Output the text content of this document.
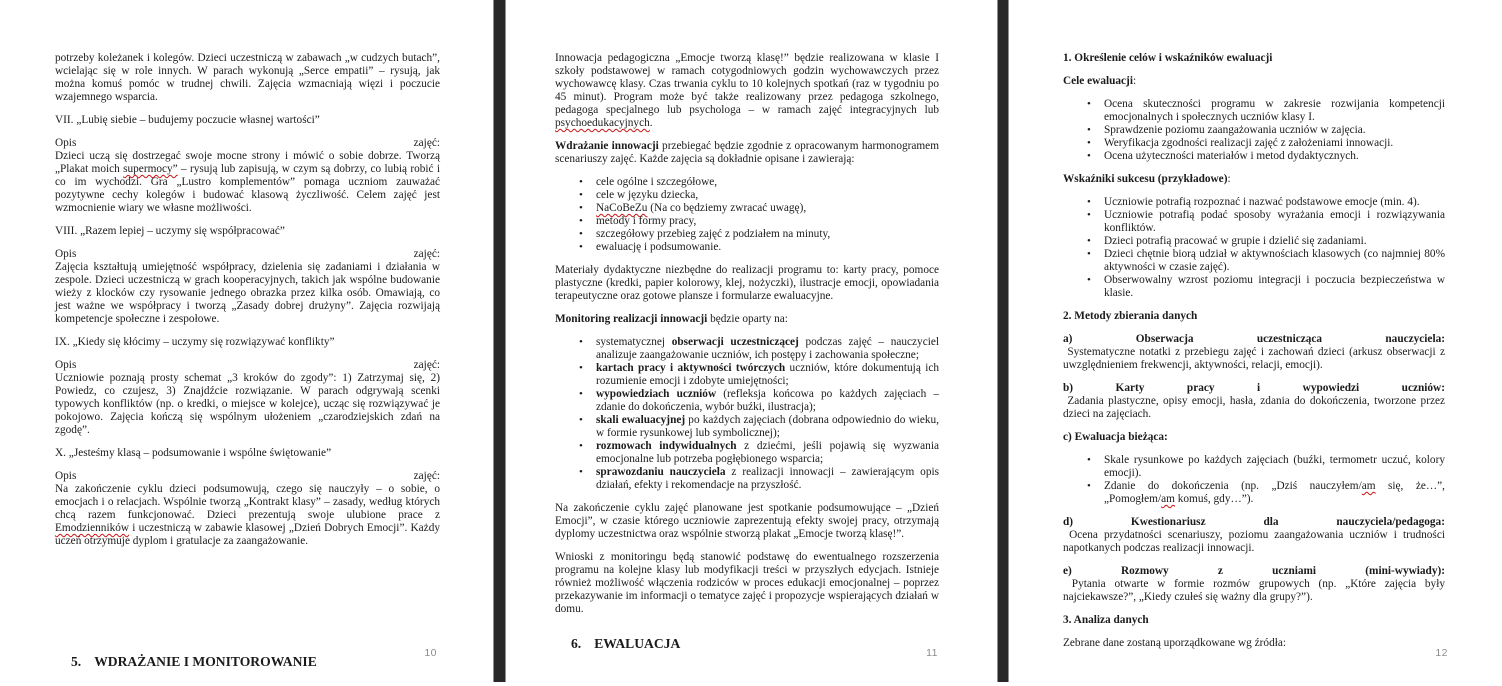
potrzeby koleżanek i kolegów. Dzieci uczestniczą w zabawach „w cudzych butach”, wcielając się w role innych. W parach wykonują „Serce empatii” – rysują, jak można komuś pomóc w trudnej chwili. Zajęcia wzmacniają więzi i poczucie wzajemnego wsparcia.

VII. „Lubię siebie – budujemy poczucie własnej wartości”

Opis	zajęć:

Dzieci uczą się dostrzegać swoje mocne strony i mówić o sobie dobrze. Tworzą „Plakat moich supermocy” – rysują lub zapisują, w czym są dobrzy, co lubią robić i co im wychodzi. Gra „Lustro komplementów” pomaga uczniom zauważać pozytywne cechy kolegów i budować klasową życzliwość. Celem zajęć jest wzmocnienie wiary we własne możliwości.

VIII. „Razem lepiej – uczymy się współpracować”

Opis	zajęć:

Zajęcia kształtują umiejętność współpracy, dzielenia się zadaniami i działania w zespole. Dzieci uczestniczą w grach kooperacyjnych, takich jak wspólne budowanie wieży z klocków czy rysowanie jednego obrazka przez kilka osób. Omawiają, co jest ważne we współpracy i tworzą „Zasady dobrej drużyny”. Zajęcia rozwijają kompetencje społeczne i zespołowe.

IX. „Kiedy się kłócimy – uczymy się rozwiązywać konflikty”

Opis	zajęć:

Uczniowie poznają prosty schemat „3 kroków do zgody”: 1) Zatrzymaj się, 2) Powiedz, co czujesz, 3) Znajdźcie rozwiązanie. W parach odgrywają scenki typowych konfliktów (np. o kredki, o miejsce w kolejce), ucząc się rozwiązywać je pokojowo. Zajęcia kończą się wspólnym ułożeniem „czarodziejskich zdań na zgodę”.

X. „Jesteśmy klasą – podsumowanie i wspólne świętowanie”

Opis	zajęć:

Na zakończenie cyklu dzieci podsumowują, czego się nauczyły – o sobie, o emocjach i o relacjach. Wspólnie tworzą „Kontrakt klasy” – zasady, według których chcą razem funkcjonować. Dzieci prezentują swoje ulubione prace z Emodzienników i uczestniczą w zabawie klasowej „Dzień Dobrych Emocji”. Każdy uczeń otrzymuje dyplom i gratulacje za zaangażowanie.

5. WDRAŻANIE I MONITOROWANIE
10

Innowacja pedagogiczna „Emocje tworzą klasę!” będzie realizowana w klasie I szkoły podstawowej w ramach cotygodniowych godzin wychowawczych przez wychowawcę klasy. Czas trwania cyklu to 10 kolejnych spotkań (raz w tygodniu po 45 minut). Program może być także realizowany przez pedagoga szkolnego, pedagoga specjalnego lub psychologa – w ramach zajęć integracyjnych lub psychoedukacyjnych.

Wdrażanie innowacji przebiegać będzie zgodnie z opracowanym harmonogramem scenariuszy zajęć. Każde zajęcia są dokładnie opisane i zawierają:

• cele ogólne i szczegółowe,
• cele w języku dziecka,
• NaCoBeZu (Na co będziemy zwracać uwagę),
• metody i formy pracy,
• szczegółowy przebieg zajęć z podziałem na minuty,
• ewaluację i podsumowanie.

Materiały dydaktyczne niezbędne do realizacji programu to: karty pracy, pomoce plastyczne (kredki, papier kolorowy, klej, nożyczki), ilustracje emocji, opowiadania terapeutyczne oraz gotowe plansze i formularze ewaluacyjne.

Monitoring realizacji innowacji będzie oparty na:

• systematycznej obserwacji uczestniczącej podczas zajęć – nauczyciel analizuje zaangażowanie uczniów, ich postępy i zachowania społeczne;
• kartach pracy i aktywności twórczych uczniów, które dokumentują ich rozumienie emocji i zdobyte umiejętności;
• wypowiedziach uczniów (refleksja końcowa po każdych zajęciach – zdanie do dokończenia, wybór buźki, ilustracja);
• skali ewaluacyjnej po każdych zajęciach (dobrana odpowiednio do wieku, w formie rysunkowej lub symbolicznej);
• rozmowach indywidualnych z dziećmi, jeśli pojawią się wyzwania emocjonalne lub potrzeba pogłębionego wsparcia;
• sprawozdaniu nauczyciela z realizacji innowacji – zawierającym opis działań, efekty i rekomendacje na przyszłość.

Na zakończenie cyklu zajęć planowane jest spotkanie podsumowujące – „Dzień Emocji”, w czasie którego uczniowie zaprezentują efekty swojej pracy, otrzymają dyplomy uczestnictwa oraz wspólnie stworzą plakat „Emocje tworzą klasę!”.

Wnioski z monitoringu będą stanowić podstawę do ewentualnego rozszerzenia programu na kolejne klasy lub modyfikacji treści w przyszłych edycjach. Istnieje również możliwość włączenia rodziców w proces edukacji emocjonalnej – poprzez przekazywanie im informacji o tematyce zajęć i propozycje wspierających działań w domu.

6. EWALUACJA
11

1. Określenie celów i wskaźników ewaluacji

Cele ewaluacji:

• Ocena skuteczności programu w zakresie rozwijania kompetencji emocjonalnych i społecznych uczniów klasy I.
• Sprawdzenie poziomu zaangażowania uczniów w zajęcia.
• Weryfikacja zgodności realizacji zajęć z założeniami innowacji.
• Ocena użyteczności materiałów i metod dydaktycznych.

Wskaźniki sukcesu (przykładowe):

• Uczniowie potrafią rozpoznać i nazwać podstawowe emocje (min. 4).
• Uczniowie potrafią podać sposoby wyrażania emocji i rozwiązywania konfliktów.
• Dzieci potrafią pracować w grupie i dzielić się zadaniami.
• Dzieci chętnie biorą udział w aktywnościach klasowych (co najmniej 80% aktywności w czasie zajęć).
• Obserwowalny wzrost poziomu integracji i poczucia bezpieczeństwa w klasie.

2. Metody zbierania danych

a)	Obserwacja	uczestnicząca	nauczyciela:

Systematyczne notatki z przebiegu zajęć i zachowań dzieci (arkusz obserwacji z uwzględnieniem frekwencji, aktywności, relacji, emocji).

b)	Karty	pracy	i	wypowiedzi	uczniów:

Zadania plastyczne, opisy emocji, hasła, zdania do dokończenia, tworzone przez dzieci na zajęciach.

c) Ewaluacja bieżąca:

• Skale rysunkowe po każdych zajęciach (buźki, termometr uczuć, kolory emocji).
• Zdanie do dokończenia (np. „Dziś nauczyłem/am się, że…”, „Pomogłem/am komuś, gdy…”).
d)	Kwestionariusz	dla	nauczyciela/pedagoga:

Ocena przydatności scenariuszy, poziomu zaangażowania uczniów i trudności napotkanych podczas realizacji innowacji.

e)	Rozmowy	z	uczniami	(mini-wywiady):

Pytania otwarte w formie rozmów grupowych (np. „Które zajęcia były najciekawsze?”, „Kiedy czułeś się ważny dla grupy?”).

3. Analiza danych

Zebrane dane zostaną uporządkowane wg źródła:

12
